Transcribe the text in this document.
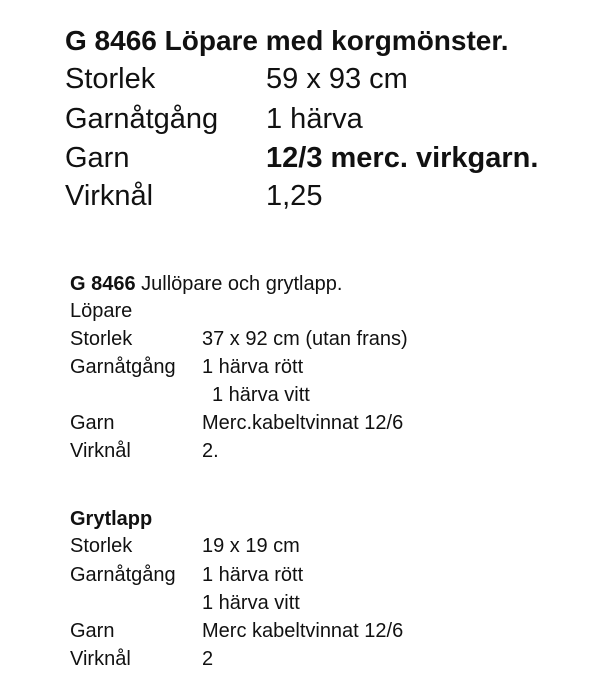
G 8466 Löpare med korgmönster.
Storlek	59 x 93 cm
Garnåtgång 1 härva
Garn	12/3 merc. virkgarn.
Virknål	1,25
G 8466 Jullöpare och grytlapp.
Löpare
Storlek	37 x 92 cm (utan frans)
Garnåtgång 1 härva rött
1 härva vitt
Garn	Merc.kabeltvinnat 12/6
Virknål	2.
Grytlapp
Storlek	19 x 19 cm
Garnåtgång 1 härva rött
1 härva vitt
Garn	Merc kabeltvinnat 12/6
Virknål	2
